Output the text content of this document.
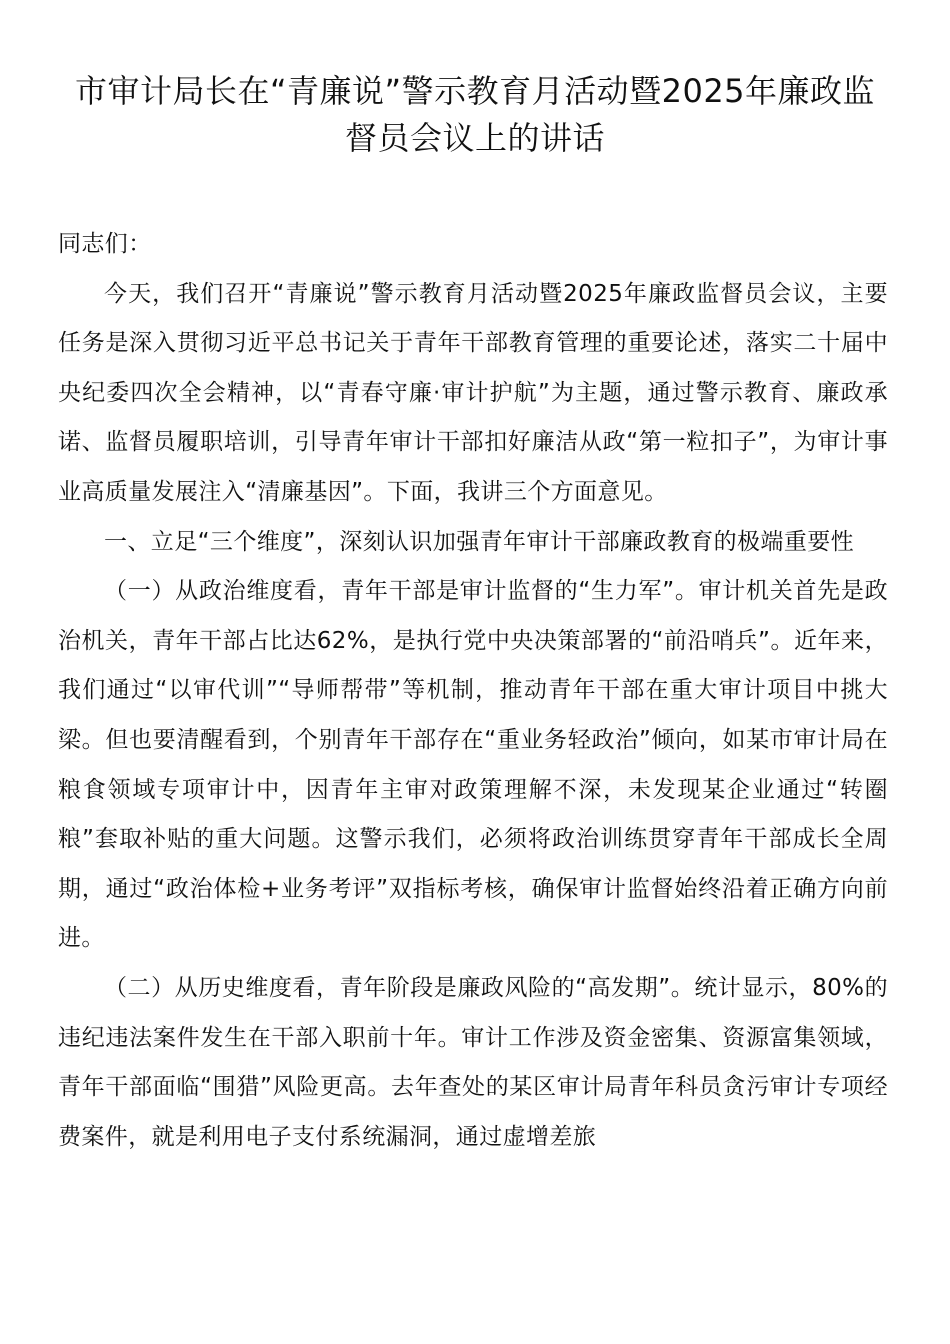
市审计局长在“青廉说”警示教育月活动暨2025年廉政监督员会议上的讲话

同志们：

今天，我们召开“青廉说”警示教育月活动暨2025年廉政监督员会议，主要任务是深入贯彻习近平总书记关于青年干部教育管理的重要论述，落实二十届中央纪委四次全会精神，以“青春守廉·审计护航”为主题，通过警示教育、廉政承诺、监督员履职培训，引导青年审计干部扣好廉洁从政“第一粒扣子”，为审计事业高质量发展注入“清廉基因”。下面，我讲三个方面意见。

一、立足“三个维度”，深刻认识加强青年审计干部廉政教育的极端重要性

（一）从政治维度看，青年干部是审计监督的“生力军”。审计机关首先是政治机关，青年干部占比达62%，是执行党中央决策部署的“前沿哨兵”。近年来，我们通过“以审代训”“导师帮带”等机制，推动青年干部在重大审计项目中挑大梁。但也要清醒看到，个别青年干部存在“重业务轻政治”倾向，如某市审计局在粮食领域专项审计中，因青年主审对政策理解不深，未发现某企业通过“转圈粮”套取补贴的重大问题。这警示我们，必须将政治训练贯穿青年干部成长全周期，通过“政治体检+业务考评”双指标考核，确保审计监督始终沿着正确方向前进。

（二）从历史维度看，青年阶段是廉政风险的“高发期”。统计显示，80%的违纪违法案件发生在干部入职前十年。审计工作涉及资金密集、资源富集领域，青年干部面临“围猎”风险更高。去年查处的某区审计局青年科员贪污审计专项经费案件，就是利用电子支付系统漏洞，通过虚增差旅
